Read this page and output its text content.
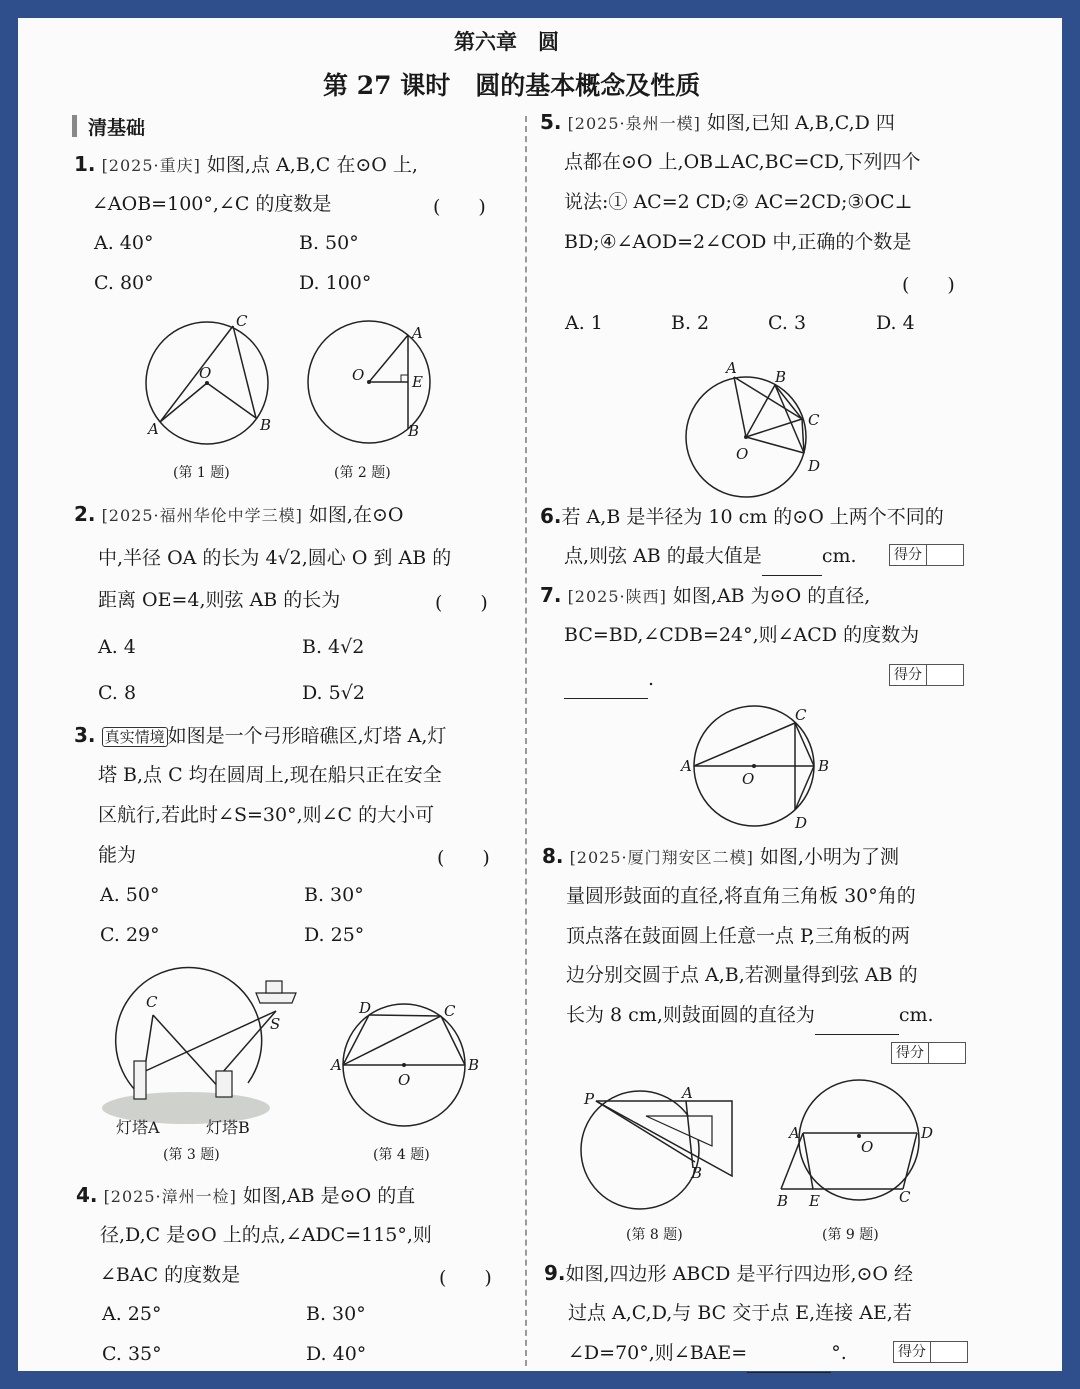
第六章　圆
第 27 课时　圆的基本概念及性质
清基础
1. [2025·重庆] 如图,点 A,B,C 在⊙O 上,
∠AOB=100°,∠C 的度数是	(　　)
A. 40°	B. 50°
C. 80°	D. 100°
O
A	B
C
(第 1 题)
O
A
E
B
(第 2 题)
2. [2025·福州华伦中学三模] 如图,在⊙O
中,半径 OA 的长为 4√2,圆心 O 到 AB 的
距离 OE=4,则弦 AB 的长为	(　　)
A. 4	B. 4√2
C. 8	D. 5√2
3. 真实情境 如图是一个弓形暗礁区,灯塔 A,灯
塔 B,点 C 均在圆周上,现在船只正在安全
区航行,若此时∠S=30°,则∠C 的大小可
能为	(　　)
A. 50°	B. 30°
C. 29°	D. 25°
C
S
灯塔A	灯塔B
(第 3 题)
A	B
C
D
O
(第 4 题)
4. [2025·漳州一检] 如图,AB 是⊙O 的直
径,D,C 是⊙O 上的点,∠ADC=115°,则
∠BAC 的度数是	(　　)
A. 25°	B. 30°
C. 35°	D. 40°
5. [2025·泉州一模] 如图,已知 A,B,C,D 四
点都在⊙O 上,OB⊥AC,BC=CD,下列四个
说法:① AC=2 CD;② AC=2CD;③OC⊥
BD;④∠AOD=2∠COD 中,正确的个数是
(　　)
A. 1	B. 2	C. 3	D. 4
A	B
C
D
O
6.若 A,B 是半径为 10 cm 的⊙O 上两个不同的
点,则弦 AB 的最大值是	cm.	得分
7. [2025·陕西] 如图,AB 为⊙O 的直径,
BC=BD,∠CDB=24°,则∠ACD 的度数为
.	得分
A	B
C
D
O
8. [2025·厦门翔安区二模] 如图,小明为了测
量圆形鼓面的直径,将直角三角板 30°角的
顶点落在鼓面圆上任意一点 P,三角板的两
边分别交圆于点 A,B,若测量得到弦 AB 的
长为 8 cm,则鼓面圆的直径为	cm.
得分
P	A
B
(第 8 题)
A	D
O
B E	C
(第 9 题)
9.如图,四边形 ABCD 是平行四边形,⊙O 经
过点 A,C,D,与 BC 交于点 E,连接 AE,若
∠D=70°,则∠BAE=	°.	得分
